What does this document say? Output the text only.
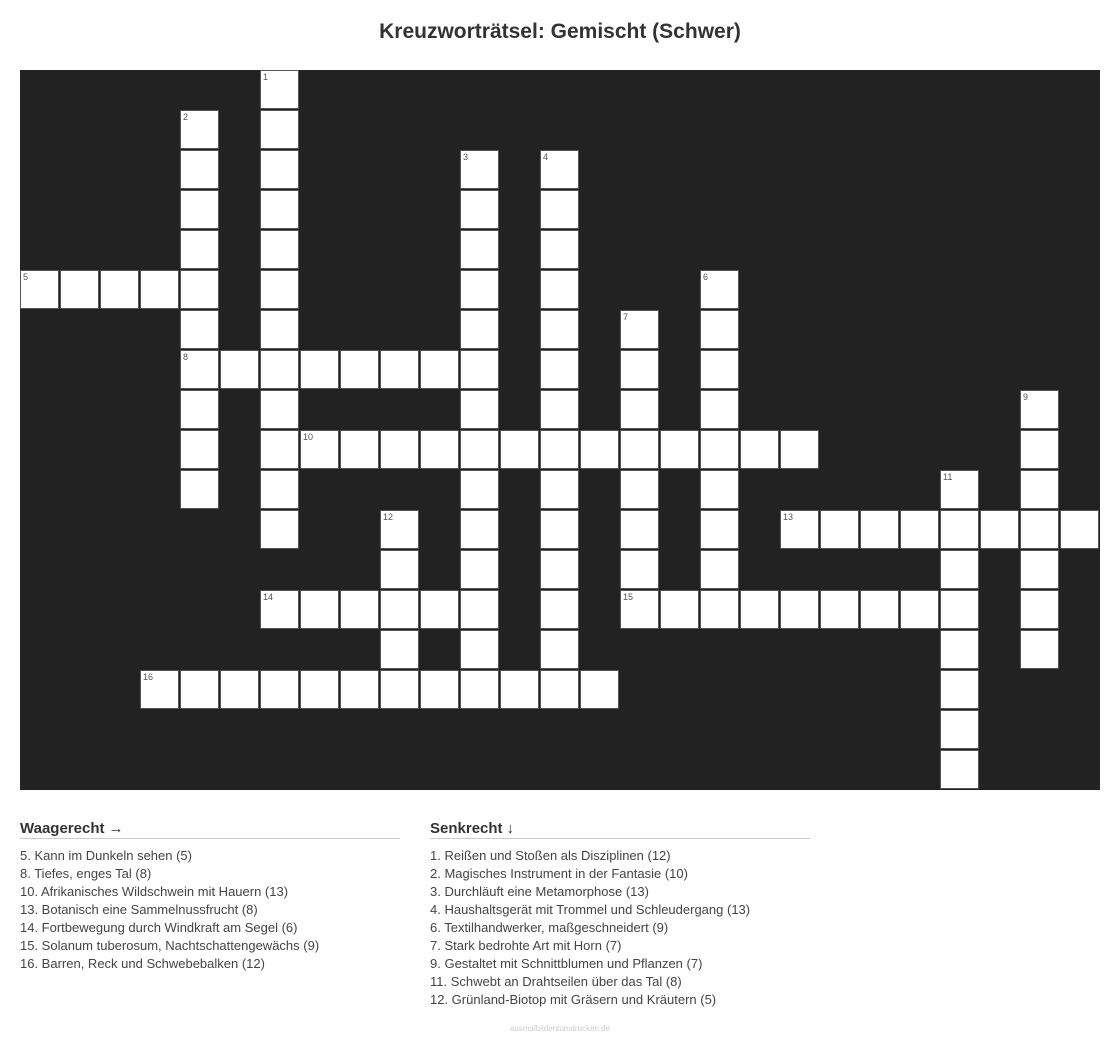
Kreuzworträtsel: Gemischt (Schwer)
1
2
8
3	4
5	6
7
9
10
11
12	13
14	15
16
Waagerecht →
5. Kann im Dunkeln sehen (5)
8. Tiefes, enges Tal (8)
10. Afrikanisches Wildschwein mit Hauern (13)
13. Botanisch eine Sammelnussfrucht (8)
14. Fortbewegung durch Windkraft am Segel (6)
15. Solanum tuberosum, Nachtschattengewächs (9)
16. Barren, Reck und Schwebebalken (12)
Senkrecht ↓
1. Reißen und Stoßen als Disziplinen (12)
2. Magisches Instrument in der Fantasie (10)
3. Durchläuft eine Metamorphose (13)
4. Haushaltsgerät mit Trommel und Schleudergang (13)
6. Textilhandwerker, maßgeschneidert (9)
7. Stark bedrohte Art mit Horn (7)
9. Gestaltet mit Schnittblumen und Pflanzen (7)
11. Schwebt an Drahtseilen über das Tal (8)
12. Grünland-Biotop mit Gräsern und Kräutern (5)
ausmalbilderzumdrucken.de
